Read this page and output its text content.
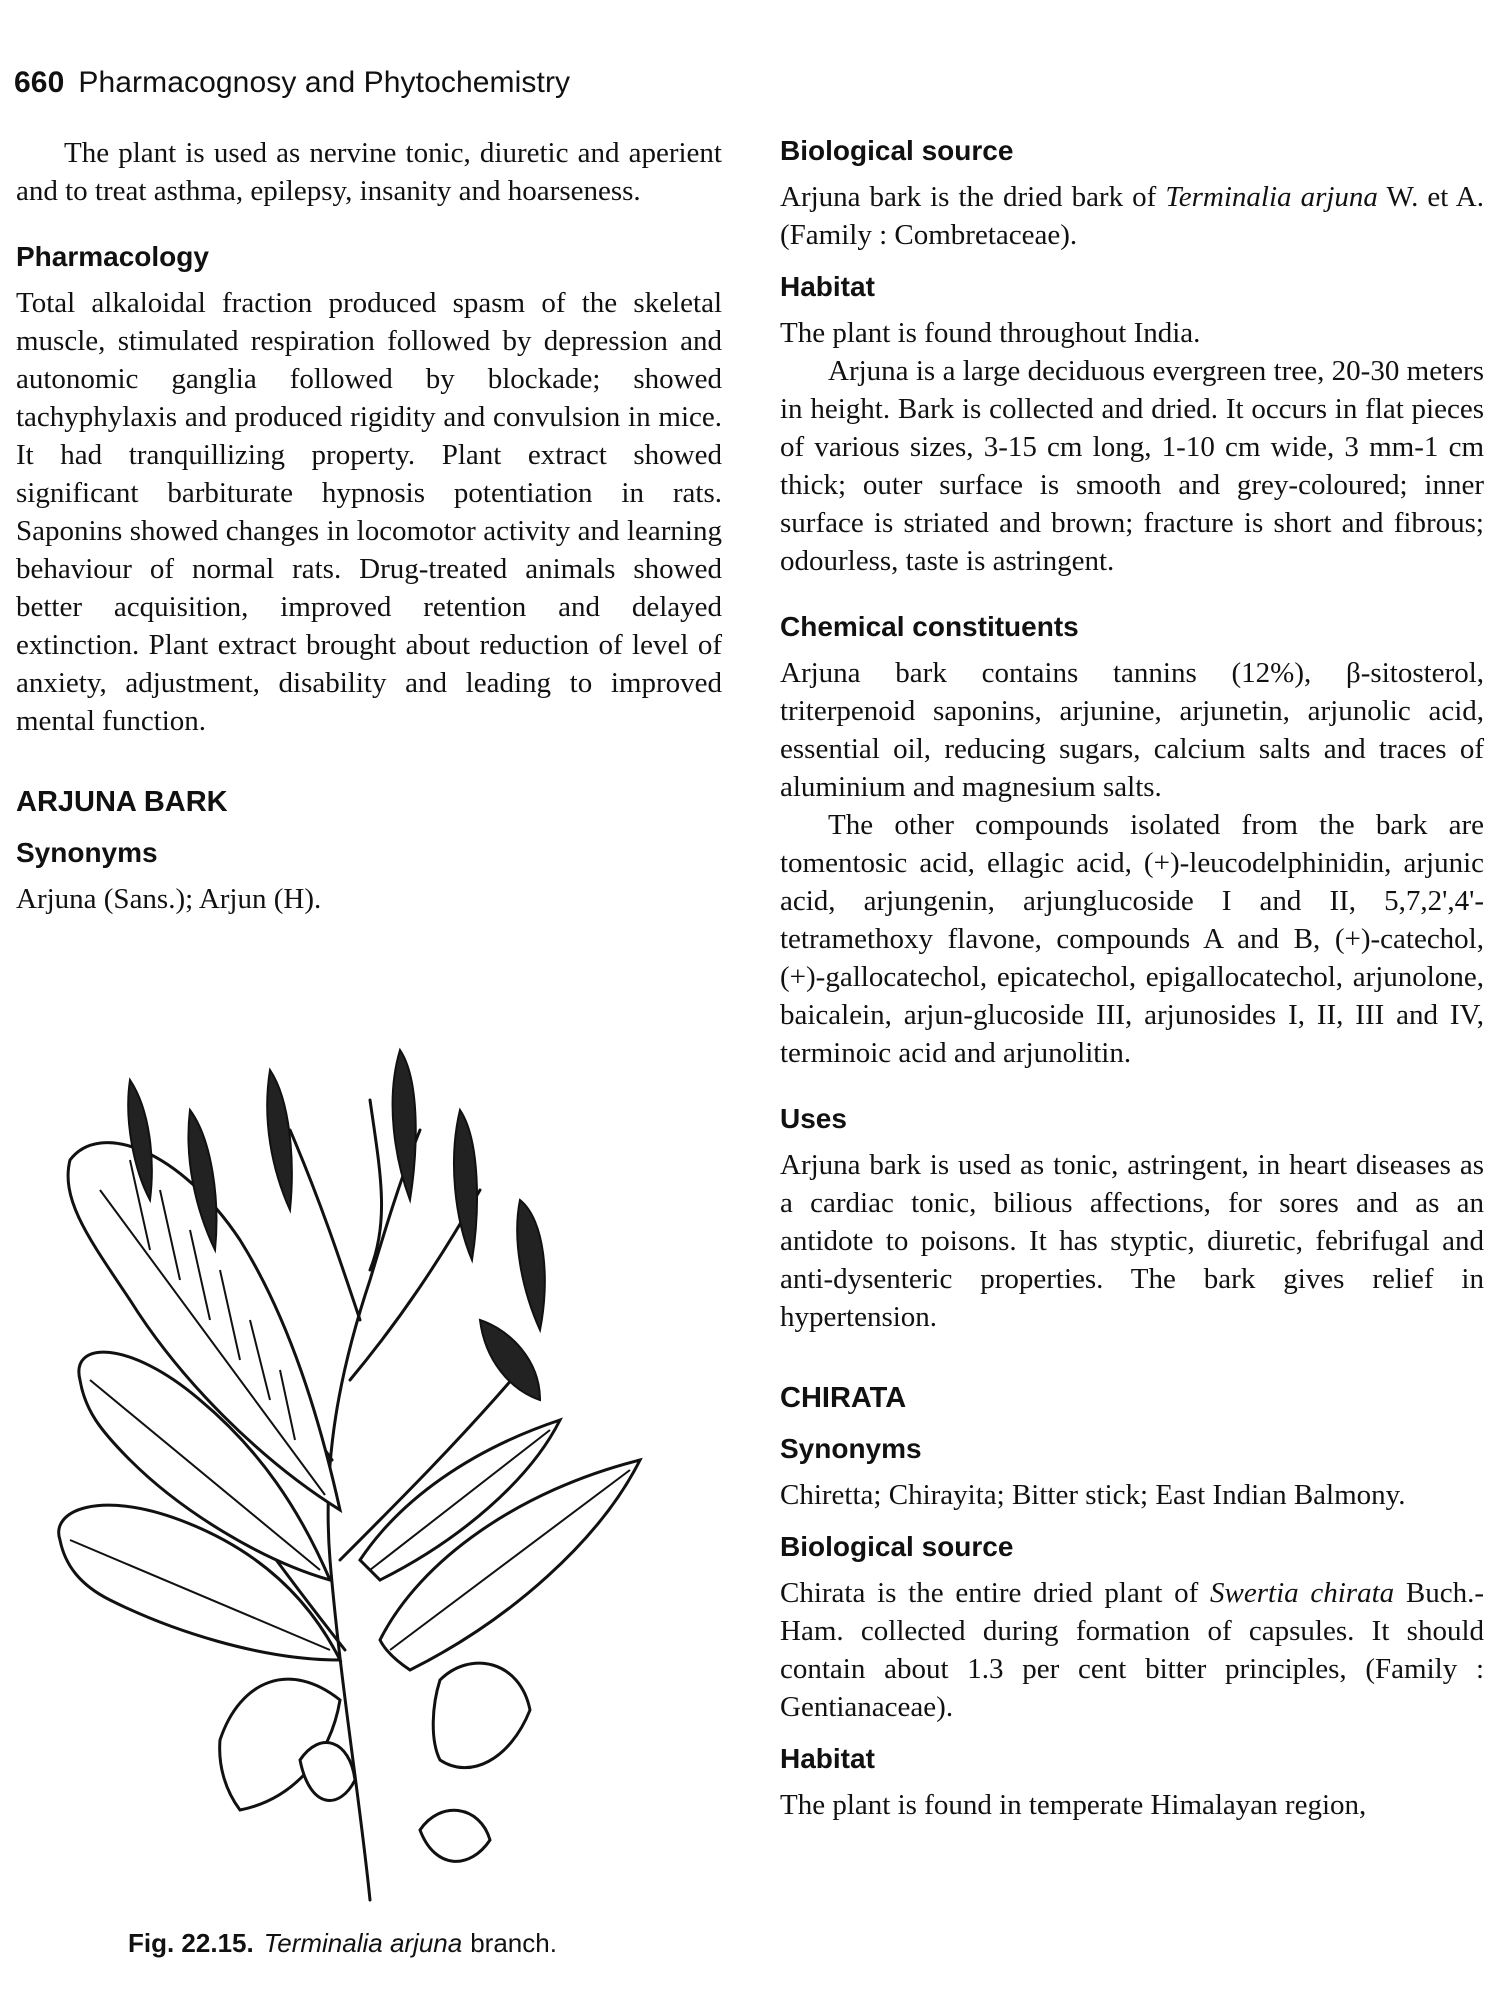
660 Pharmacognosy and Phytochemistry

The plant is used as nervine tonic, diuretic and aperient and to treat asthma, epilepsy, insanity and hoarseness.

Pharmacology

Total alkaloidal fraction produced spasm of the skeletal muscle, stimulated respiration followed by depression and autonomic ganglia followed by blockade; showed tachyphylaxis and produced rigidity and convulsion in mice. It had tranquillizing property. Plant extract showed significant barbiturate hypnosis potentiation in rats. Saponins showed changes in locomotor activity and learning behaviour of normal rats. Drug-treated animals showed better acquisition, improved retention and delayed extinction. Plant extract brought about reduction of level of anxiety, adjustment, disability and leading to improved mental function.

ARJUNA BARK
Synonyms

Arjuna (Sans.); Arjun (H).

Fig. 22.15. Terminalia arjuna branch.
Biological source

Arjuna bark is the dried bark of Terminalia arjuna W. et A. (Family : Combretaceae).

Habitat

The plant is found throughout India.

Arjuna is a large deciduous evergreen tree, 20-30 meters in height. Bark is collected and dried. It occurs in flat pieces of various sizes, 3-15 cm long, 1-10 cm wide, 3 mm-1 cm thick; outer surface is smooth and grey-coloured; inner surface is striated and brown; fracture is short and fibrous; odourless, taste is astringent.

Chemical constituents

Arjuna bark contains tannins (12%), β-sitosterol, triterpenoid saponins, arjunine, arjunetin, arjunolic acid, essential oil, reducing sugars, calcium salts and traces of aluminium and magnesium salts.

The other compounds isolated from the bark are tomentosic acid, ellagic acid, (+)-leucodelphinidin, arjunic acid, arjungenin, arjunglucoside I and II, 5,7,2',4'-tetramethoxy flavone, compounds A and B, (+)-catechol, (+)-gallocatechol, epicatechol, epigallocatechol, arjunolone, baicalein, arjun-glucoside III, arjunosides I, II, III and IV, terminoic acid and arjunolitin.

Uses

Arjuna bark is used as tonic, astringent, in heart diseases as a cardiac tonic, bilious affections, for sores and as an antidote to poisons. It has styptic, diuretic, febrifugal and anti-dysenteric properties. The bark gives relief in hypertension.

CHIRATA
Synonyms

Chiretta; Chirayita; Bitter stick; East Indian Balmony.

Biological source

Chirata is the entire dried plant of Swertia chirata Buch.-Ham. collected during formation of capsules. It should contain about 1.3 per cent bitter principles, (Family : Gentianaceae).

Habitat

The plant is found in temperate Himalayan region,
